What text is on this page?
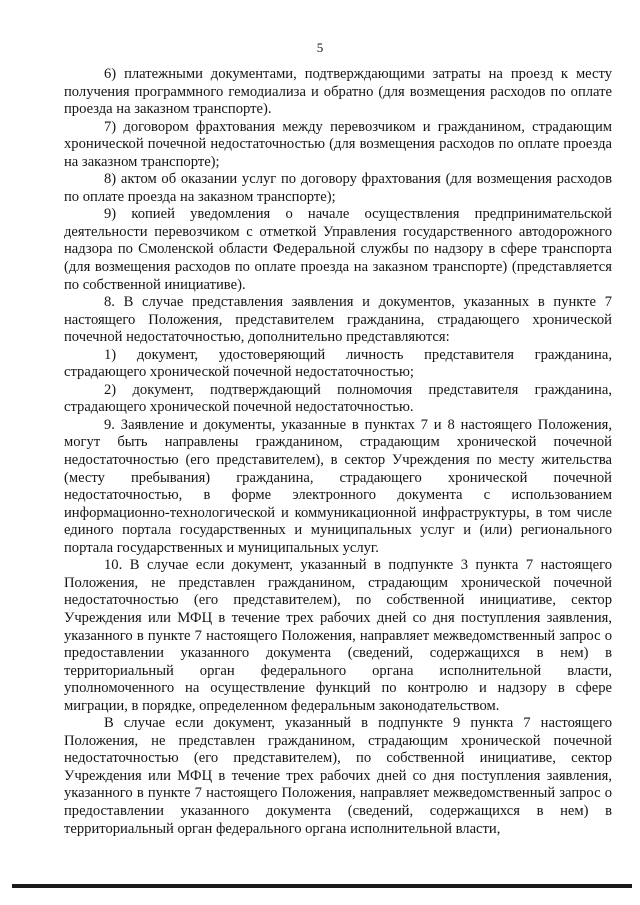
5

6) платежными документами, подтверждающими затраты на проезд к месту получения программного гемодиализа и обратно (для возмещения расходов по оплате проезда на заказном транспорте).

7) договором фрахтования между перевозчиком и гражданином, страдающим хронической почечной недостаточностью (для возмещения расходов по оплате проезда на заказном транспорте);

8) актом об оказании услуг по договору фрахтования (для возмещения расходов по оплате проезда на заказном транспорте);

9) копией уведомления о начале осуществления предпринимательской деятельности перевозчиком с отметкой Управления государственного автодорожного надзора по Смоленской области Федеральной службы по надзору в сфере транспорта (для возмещения расходов по оплате проезда на заказном транспорте) (представляется по собственной инициативе).

8. В случае представления заявления и документов, указанных в пункте 7 настоящего Положения, представителем гражданина, страдающего хронической почечной недостаточностью, дополнительно представляются:

1) документ, удостоверяющий личность представителя гражданина, страдающего хронической почечной недостаточностью;

2) документ, подтверждающий полномочия представителя гражданина, страдающего хронической почечной недостаточностью.

9. Заявление и документы, указанные в пунктах 7 и 8 настоящего Положения, могут быть направлены гражданином, страдающим хронической почечной недостаточностью (его представителем), в сектор Учреждения по месту жительства (месту пребывания) гражданина, страдающего хронической почечной недостаточностью, в форме электронного документа с использованием информационно-технологической и коммуникационной инфраструктуры, в том числе единого портала государственных и муниципальных услуг и (или) регионального портала государственных и муниципальных услуг.

10. В случае если документ, указанный в подпункте 3 пункта 7 настоящего Положения, не представлен гражданином, страдающим хронической почечной недостаточностью (его представителем), по собственной инициативе, сектор Учреждения или МФЦ в течение трех рабочих дней со дня поступления заявления, указанного в пункте 7 настоящего Положения, направляет межведомственный запрос о предоставлении указанного документа (сведений, содержащихся в нем) в территориальный орган федерального органа исполнительной власти, уполномоченного на осуществление функций по контролю и надзору в сфере миграции, в порядке, определенном федеральным законодательством.

В случае если документ, указанный в подпункте 9 пункта 7 настоящего Положения, не представлен гражданином, страдающим хронической почечной недостаточностью (его представителем), по собственной инициативе, сектор Учреждения или МФЦ в течение трех рабочих дней со дня поступления заявления, указанного в пункте 7 настоящего Положения, направляет межведомственный запрос о предоставлении указанного документа (сведений, содержащихся в нем) в территориальный орган федерального органа исполнительной власти,
